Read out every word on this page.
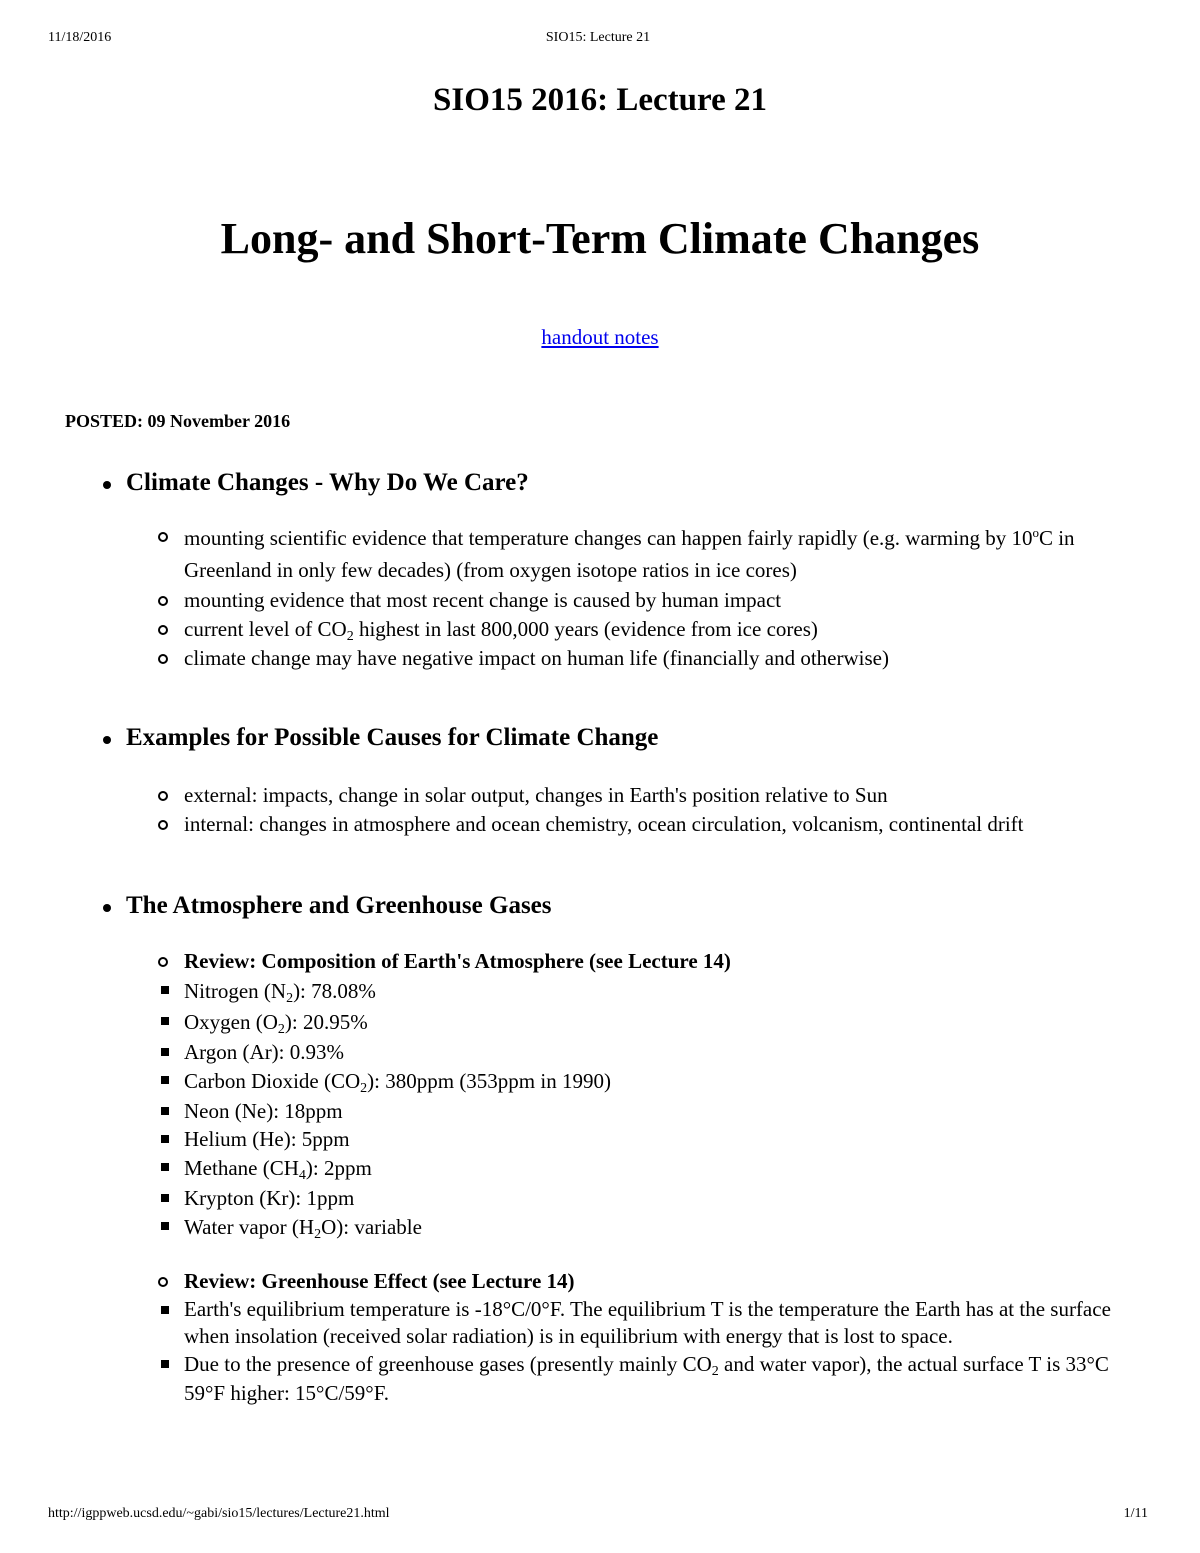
11/18/2016	SIO15: Lecture 21
SIO15 2016: Lecture 21
Long- and Short-Term Climate Changes
handout notes
POSTED: 09 November 2016
Climate Changes - Why Do We Care?
mounting scientific evidence that temperature changes can happen fairly rapidly (e.g. warming by 10$^o$C in Greenland in only few decades) (from oxygen isotope ratios in ice cores)
mounting evidence that most recent change is caused by human impact
current level of $CO_2$ highest in last 800,000 years (evidence from ice cores)
climate change may have negative impact on human life (financially and otherwise)
Examples for Possible Causes for Climate Change
external: impacts, change in solar output, changes in Earth's position relative to Sun
internal: changes in atmosphere and ocean chemistry, ocean circulation, volcanism, continental drift
The Atmosphere and Greenhouse Gases
Review: Composition of Earth's Atmosphere (see Lecture 14)
Nitrogen $(N_2)$: 78.08%
Oxygen $(O_2)$: 20.95%
Argon (Ar): 0.93%
Carbon Dioxide $(CO_2)$: 380ppm (353ppm in 1990)
Neon (Ne): 18ppm
Helium (He): 5ppm
Methane $(CH_4)$: 2ppm
Krypton (Kr): 1ppm
Water vapor $(H_2O)$: variable
Review: Greenhouse Effect (see Lecture 14)
Earth's equilibrium temperature is -18°C/0°F. The equilibrium T is the temperature the Earth has at the surface when insolation (received solar radiation) is in equilibrium with energy that is lost to space.
Due to the presence of greenhouse gases (presently mainly $CO_2$ and water vapor), the actual surface T is 33°C 59°F higher: 15°C/59°F.
http://igppweb.ucsd.edu/~gabi/sio15/lectures/Lecture21.html	1/11
